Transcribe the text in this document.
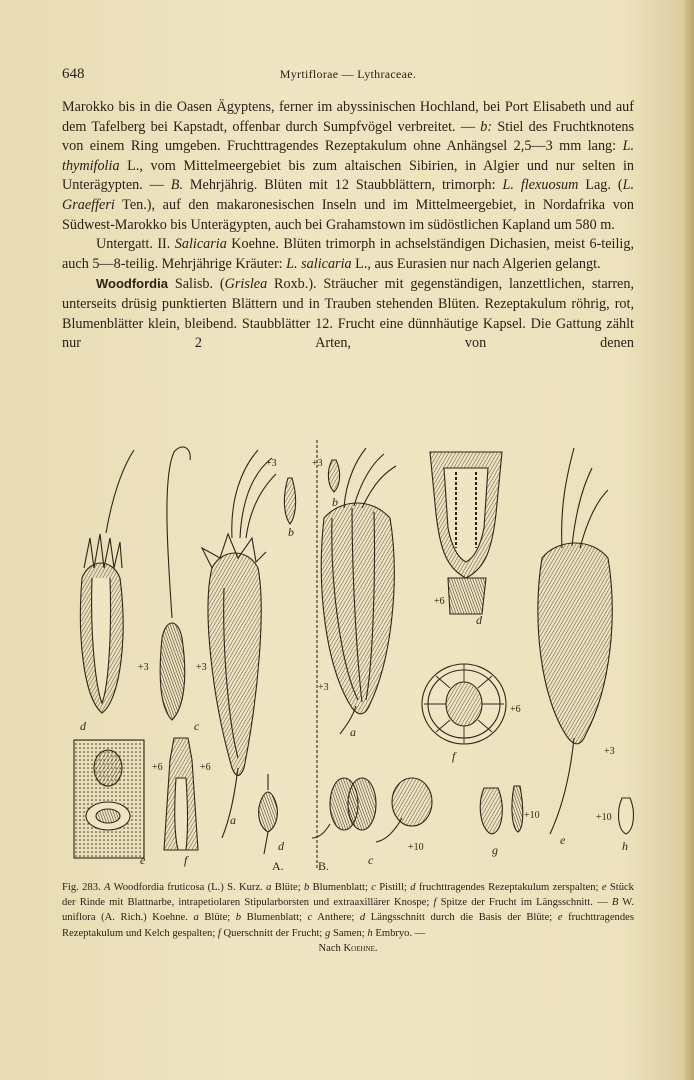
648	Myrtiflorae — Lythraceae.

Marokko bis in die Oasen Ägyptens, ferner im abyssinischen Hochland, bei Port Elisabeth und auf dem Tafelberg bei Kapstadt, offenbar durch Sumpfvögel verbreitet. — b: Stiel des Fruchtknotens von einem Ring umgeben. Fruchttragendes Rezeptakulum ohne Anhängsel 2,5—3 mm lang: L. thymifolia L., vom Mittelmeergebiet bis zum altaischen Sibirien, in Algier und nur selten in Unterägypten. — B. Mehrjährig. Blüten mit 12 Staubblättern, trimorph: L. flexuosum Lag. (L. Graefferi Ten.), auf den makaronesischen Inseln und im Mittelmeergebiet, in Nordafrika von Südwest-Marokko bis Unterägypten, auch bei Grahamstown im südöstlichen Kapland um 580 m.

Untergatt. II. Salicaria Koehne. Blüten trimorph in achselständigen Dichasien, meist 6-teilig, auch 5—8-teilig. Mehrjährige Kräuter: L. salicaria L., aus Eurasien nur nach Algerien gelangt.

Woodfordia Salisb. (Grislea Roxb.). Sträucher mit gegenständigen, lanzettlichen, starren, unterseits drüsig punktierten Blättern und in Trauben stehenden Blüten. Rezeptakulum röhrig, rot, Blumenblätter klein, bleibend. Staubblätter 12. Frucht eine dünnhäutige Kapsel. Die Gattung zählt nur 2 Arten, von denen

d
+3
c
+3
+3
b
a
+6	+6
e	f
d
A.
+3
b
+3
a
+6
d
+6
f
c
+10	g
+10
e
+3
+10
h
B.

Fig. 283. A Woodfordia fruticosa (L.) S. Kurz. a Blüte; b Blumenblatt; c Pistill; d fruchttragendes Rezeptakulum zerspalten; e Stück der Rinde mit Blattnarbe, intrapetiolaren Stipularborsten und extraaxillärer Knospe; f Spitze der Frucht im Längsschnitt. — B W. uniflora (A. Rich.) Koehne. a Blüte; b Blumenblatt; c Anthere; d Längsschnitt durch die Basis der Blüte; e fruchttragendes Rezeptakulum und Kelch gespalten; f Querschnitt der Frucht; g Samen; h Embryo. —

Nach Koehne.
